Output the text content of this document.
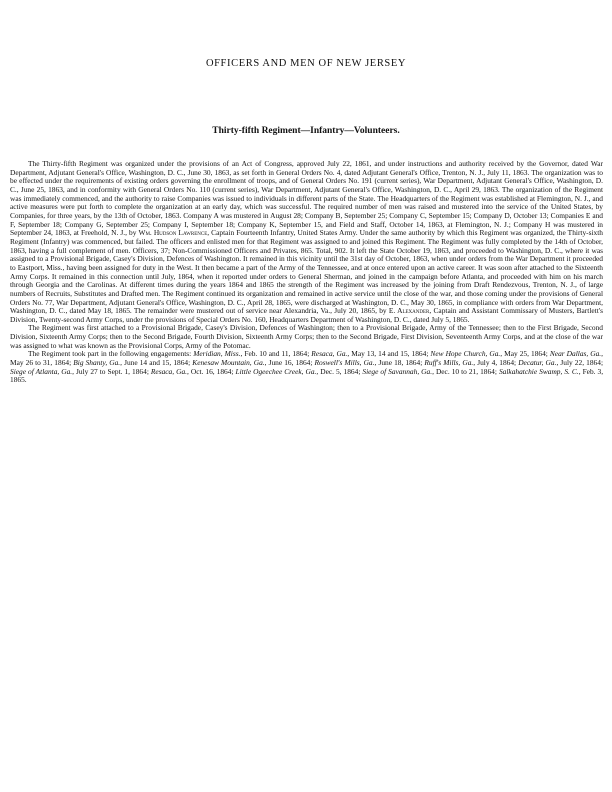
OFFICERS AND MEN OF NEW JERSEY
Thirty-fifth Regiment—Infantry—Volunteers.

The Thirty-fifth Regiment was organized under the provisions of an Act of Congress, approved July 22, 1861, and under instructions and authority received by the Governor, dated War Department, Adjutant General's Office, Washington, D. C., June 30, 1863, as set forth in General Orders No. 4, dated Adjutant General's Office, Trenton, N. J., July 11, 1863. The organization was to be effected under the requirements of existing orders governing the enrollment of troops, and of General Orders No. 191 (current series), War Department, Adjutant General's Office, Washington, D. C., June 25, 1863, and in conformity with General Orders No. 110 (current series), War Department, Adjutant General's Office, Washington, D. C., April 29, 1863. The organization of the Regiment was immediately commenced, and the authority to raise Companies was issued to individuals in different parts of the State. The Headquarters of the Regiment was established at Flemington, N. J., and active measures were put forth to complete the organization at an early day, which was successful. The required number of men was raised and mustered into the service of the United States, by Companies, for three years, by the 13th of October, 1863. Company A was mustered in August 28; Company B, September 25; Company C, September 15; Company D, October 13; Companies E and F, September 18; Company G, September 25; Company I, September 18; Company K, September 15, and Field and Staff, October 14, 1863, at Flemington, N. J.; Company H was mustered in September 24, 1863, at Freehold, N. J., by Wm. Hudson Lawrence, Captain Fourteenth Infantry, United States Army. Under the same authority by which this Regiment was organized, the Thirty-sixth Regiment (Infantry) was commenced, but failed. The officers and enlisted men for that Regiment was assigned to and joined this Regiment. The Regiment was fully completed by the 14th of October, 1863, having a full complement of men. Officers, 37; Non-Commissioned Officers and Privates, 865. Total, 902. It left the State October 19, 1863, and proceeded to Washington, D. C., where it was assigned to a Provisional Brigade, Casey's Division, Defences of Washington. It remained in this vicinity until the 31st day of October, 1863, when under orders from the War Department it proceeded to Eastport, Miss., having been assigned for duty in the West. It then became a part of the Army of the Tennessee, and at once entered upon an active career. It was soon after attached to the Sixteenth Army Corps. It remained in this connection until July, 1864, when it reported under orders to General Sherman, and joined in the campaign before Atlanta, and proceeded with him on his march through Georgia and the Carolinas. At different times during the years 1864 and 1865 the strength of the Regiment was increased by the joining from Draft Rendezvous, Trenton, N. J., of large numbers of Recruits, Substitutes and Drafted men. The Regiment continued its organization and remained in active service until the close of the war, and those coming under the provisions of General Orders No. 77, War Department, Adjutant General's Office, Washington, D. C., April 28, 1865, were discharged at Washington, D. C., May 30, 1865, in compliance with orders from War Department, Washington, D. C., dated May 18, 1865. The remainder were mustered out of service near Alexandria, Va., July 20, 1865, by E. Alexander, Captain and Assistant Commissary of Musters, Bartlett's Division, Twenty-second Army Corps, under the provisions of Special Orders No. 160, Headquarters Department of Washington, D. C., dated July 5, 1865.

The Regiment was first attached to a Provisional Brigade, Casey's Division, Defences of Washington; then to a Provisional Brigade, Army of the Tennessee; then to the First Brigade, Second Division, Sixteenth Army Corps; then to the Second Brigade, Fourth Division, Sixteenth Army Corps; then to the Second Brigade, First Division, Seventeenth Army Corps, and at the close of the war was assigned to what was known as the Provisional Corps, Army of the Potomac.

The Regiment took part in the following engagements: Meridian, Miss., Feb. 10 and 11, 1864; Resaca, Ga., May 13, 14 and 15, 1864; New Hope Church, Ga., May 25, 1864; Near Dallas, Ga., May 26 to 31, 1864; Big Shanty, Ga., June 14 and 15, 1864; Kenesaw Mountain, Ga., June 16, 1864; Roswell's Mills, Ga., June 18, 1864; Ruff's Mills, Ga., July 4, 1864; Decatur, Ga., July 22, 1864; Siege of Atlanta, Ga., July 27 to Sept. 1, 1864; Resaca, Ga., Oct. 16, 1864; Little Ogeechee Creek, Ga., Dec. 5, 1864; Siege of Savannah, Ga., Dec. 10 to 21, 1864; Salkahatchie Swamp, S. C., Feb. 3, 1865.
